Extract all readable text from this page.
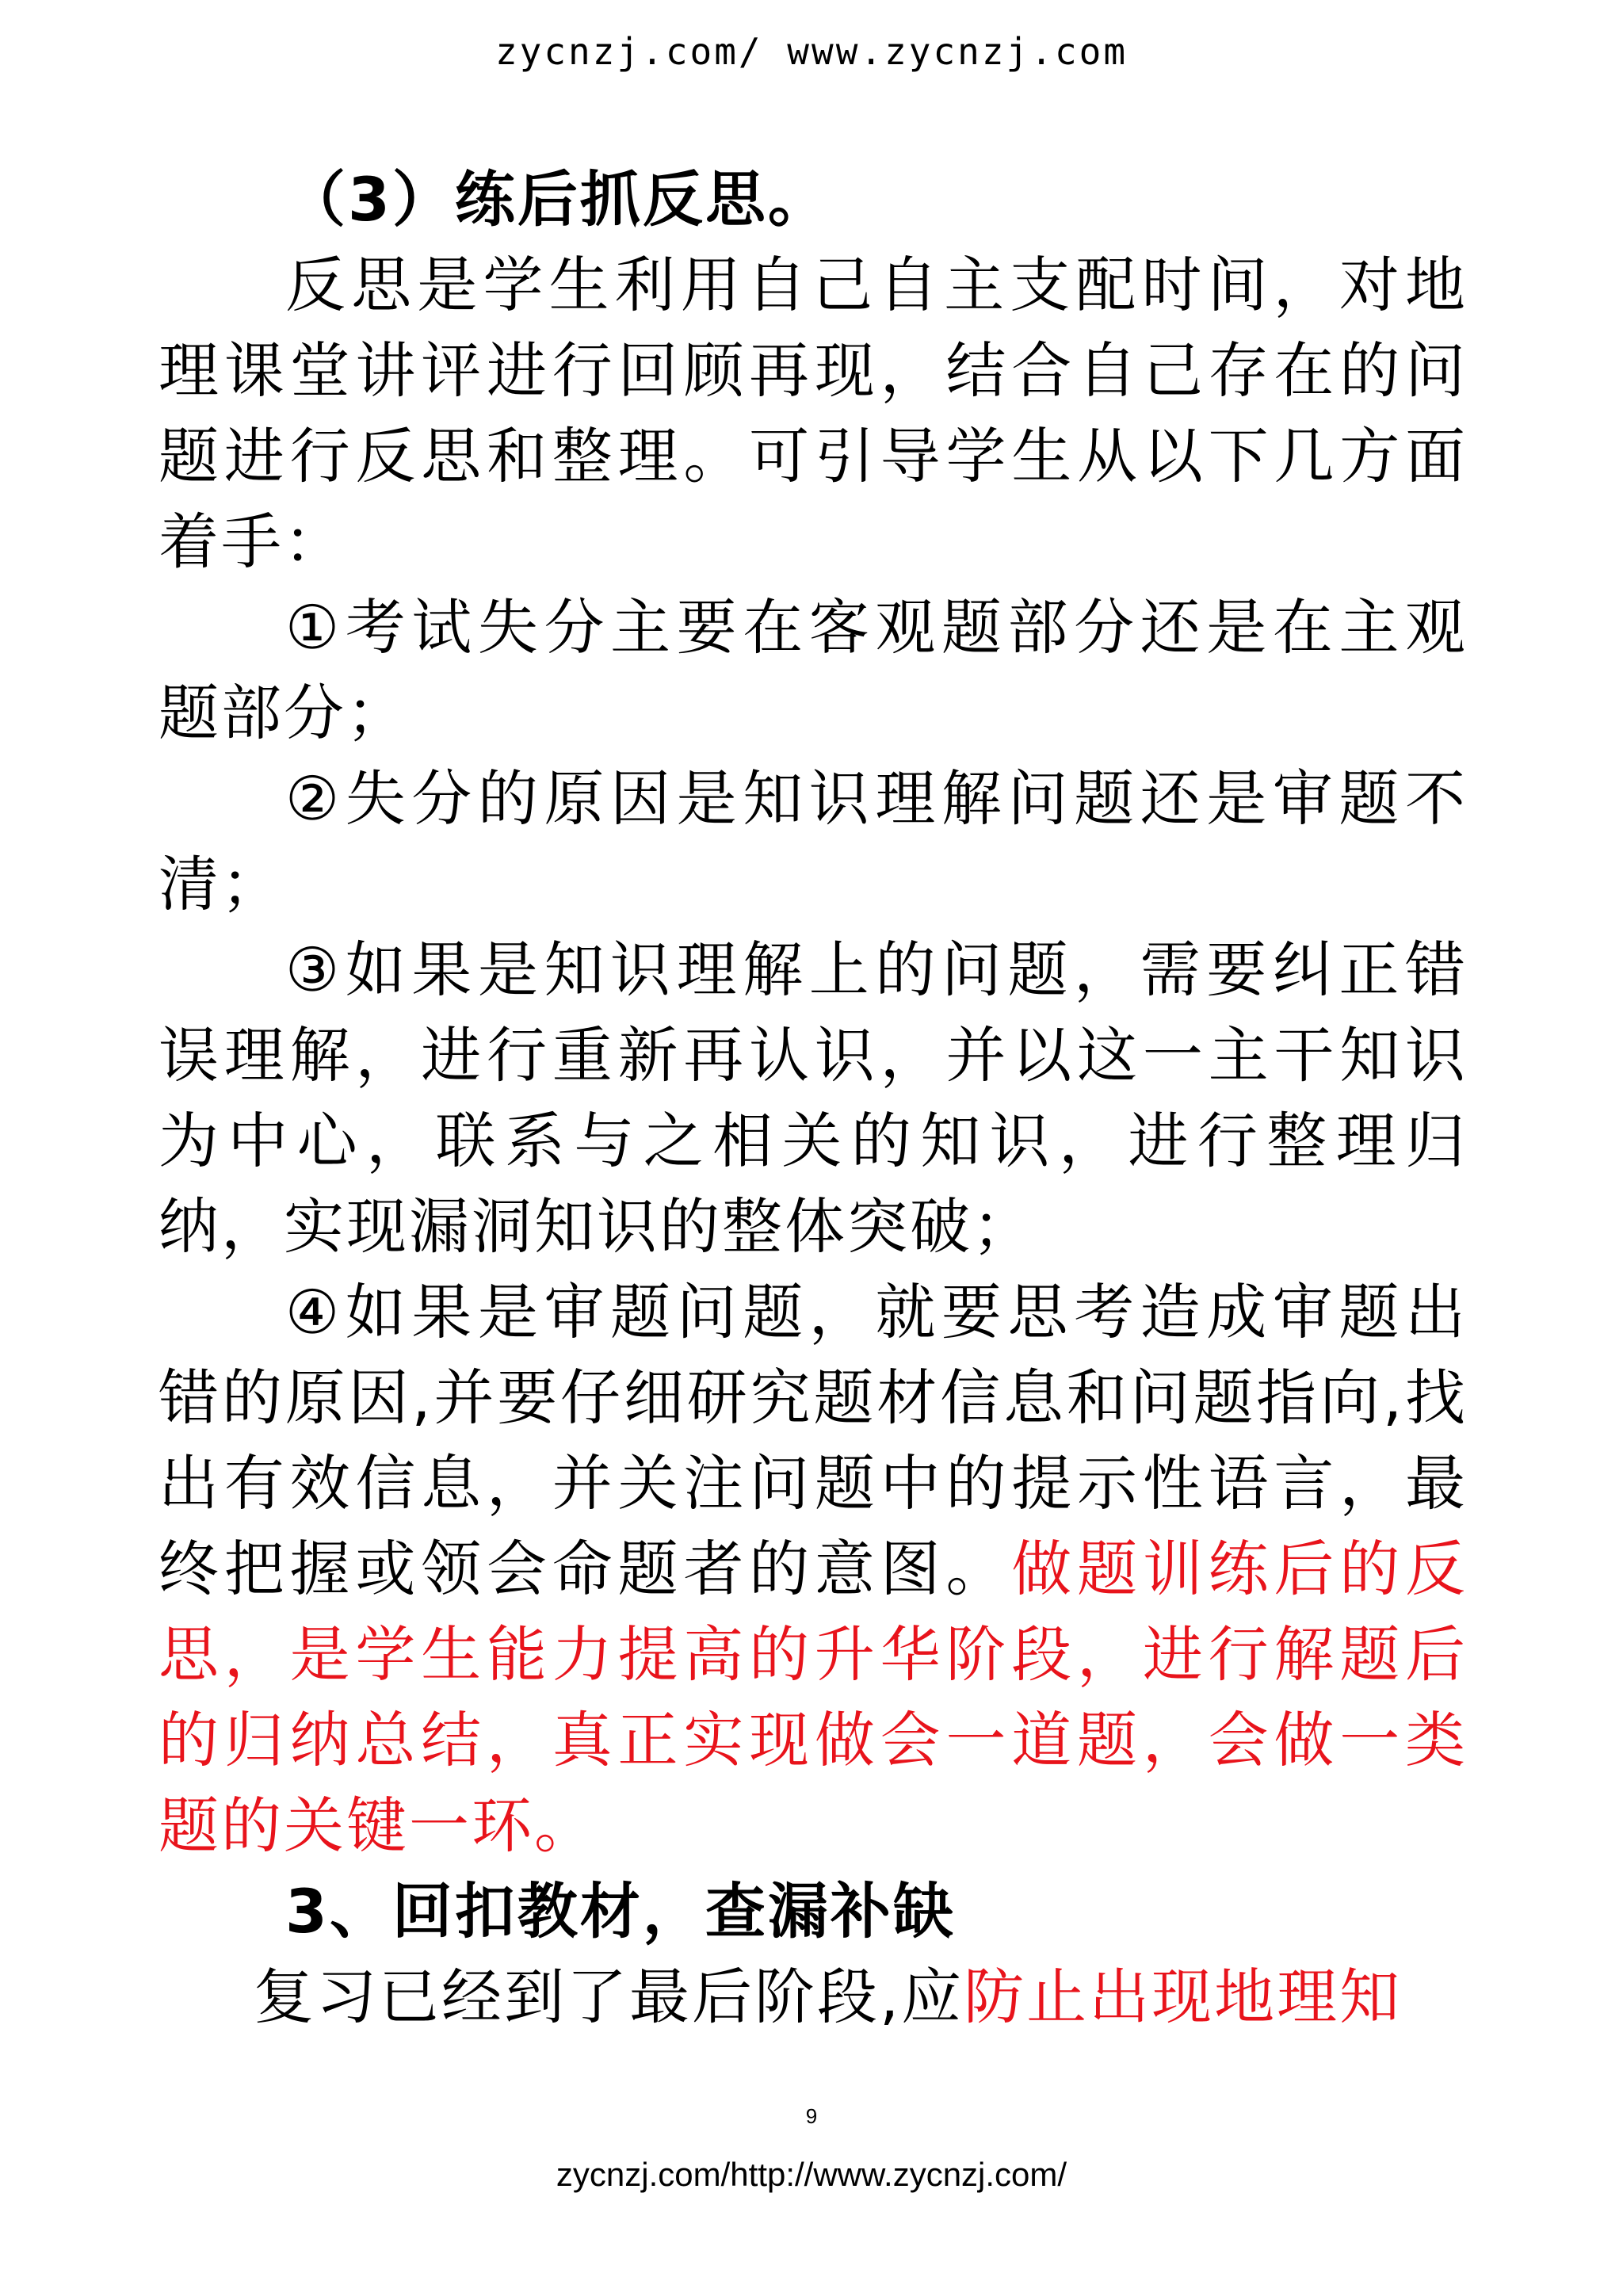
zycnzj.com/ www.zycnzj.com

（3）练后抓反思。

反思是学生利用自己自主支配时间，对地理课堂讲评进行回顾再现，结合自己存在的问题进行反思和整理。可引导学生从以下几方面着手：

①考试失分主要在客观题部分还是在主观题部分；

②失分的原因是知识理解问题还是审题不清；

③如果是知识理解上的问题，需要纠正错误理解，进行重新再认识，并以这一主干知识为中心，联系与之相关的知识，进行整理归纳，实现漏洞知识的整体突破；

④如果是审题问题，就要思考造成审题出错的原因,并要仔细研究题材信息和问题指向,找出有效信息，并关注问题中的提示性语言，最终把握或领会命题者的意图。做题训练后的反思，是学生能力提高的升华阶段，进行解题后的归纳总结，真正实现做会一道题，会做一类题的关键一环。

3、回扣教材，查漏补缺

复习已经到了最后阶段,应防止出现地理知

9
zycnzj.com/http://www.zycnzj.com/
